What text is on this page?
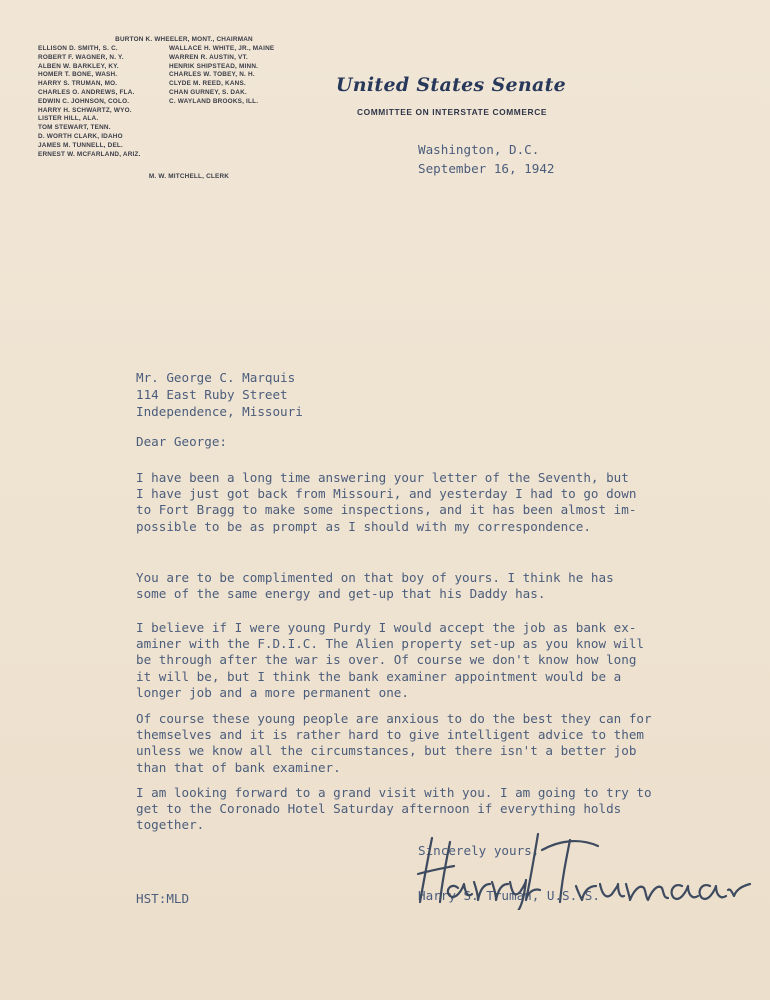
BURTON K. WHEELER, MONT., CHAIRMAN
ELLISON D. SMITH, S. C.
ROBERT F. WAGNER, N. Y.
ALBEN W. BARKLEY, KY.
HOMER T. BONE, WASH.
HARRY S. TRUMAN, MO.
CHARLES O. ANDREWS, FLA.
EDWIN C. JOHNSON, COLO.
HARRY H. SCHWARTZ, WYO.
LISTER HILL, ALA.
TOM STEWART, TENN.
D. WORTH CLARK, IDAHO
JAMES M. TUNNELL, DEL.
ERNEST W. MCFARLAND, ARIZ.
WALLACE H. WHITE, JR., MAINE
WARREN R. AUSTIN, VT.
HENRIK SHIPSTEAD, MINN.
CHARLES W. TOBEY, N. H.
CLYDE M. REED, KANS.
CHAN GURNEY, S. DAK.
C. WAYLAND BROOKS, ILL.
M. W. MITCHELL, CLERK
United States Senate
COMMITTEE ON INTERSTATE COMMERCE
Washington, D.C.
September 16, 1942
Mr. George C. Marquis
114 East Ruby Street
Independence, Missouri
Dear George:

I have been a long time answering your letter of the Seventh, but
I have just got back from Missouri, and yesterday I had to go down
to Fort Bragg to make some inspections, and it has been almost im-
possible to be as prompt as I should with my correspondence.

You are to be complimented on that boy of yours. I think he has
some of the same energy and get-up that his Daddy has.

I believe if I were young Purdy I would accept the job as bank ex-
aminer with the F.D.I.C. The Alien property set-up as you know will
be through after the war is over. Of course we don't know how long
it will be, but I think the bank examiner appointment would be a
longer job and a more permanent one.

Of course these young people are anxious to do the best they can for
themselves and it is rather hard to give intelligent advice to them
unless we know all the circumstances, but there isn't a better job
than that of bank examiner.

I am looking forward to a grand visit with you. I am going to try to
get to the Coronado Hotel Saturday afternoon if everything holds
together.

Sincerely yours,
Harry S. Truman, U.S. S.
HST:MLD
